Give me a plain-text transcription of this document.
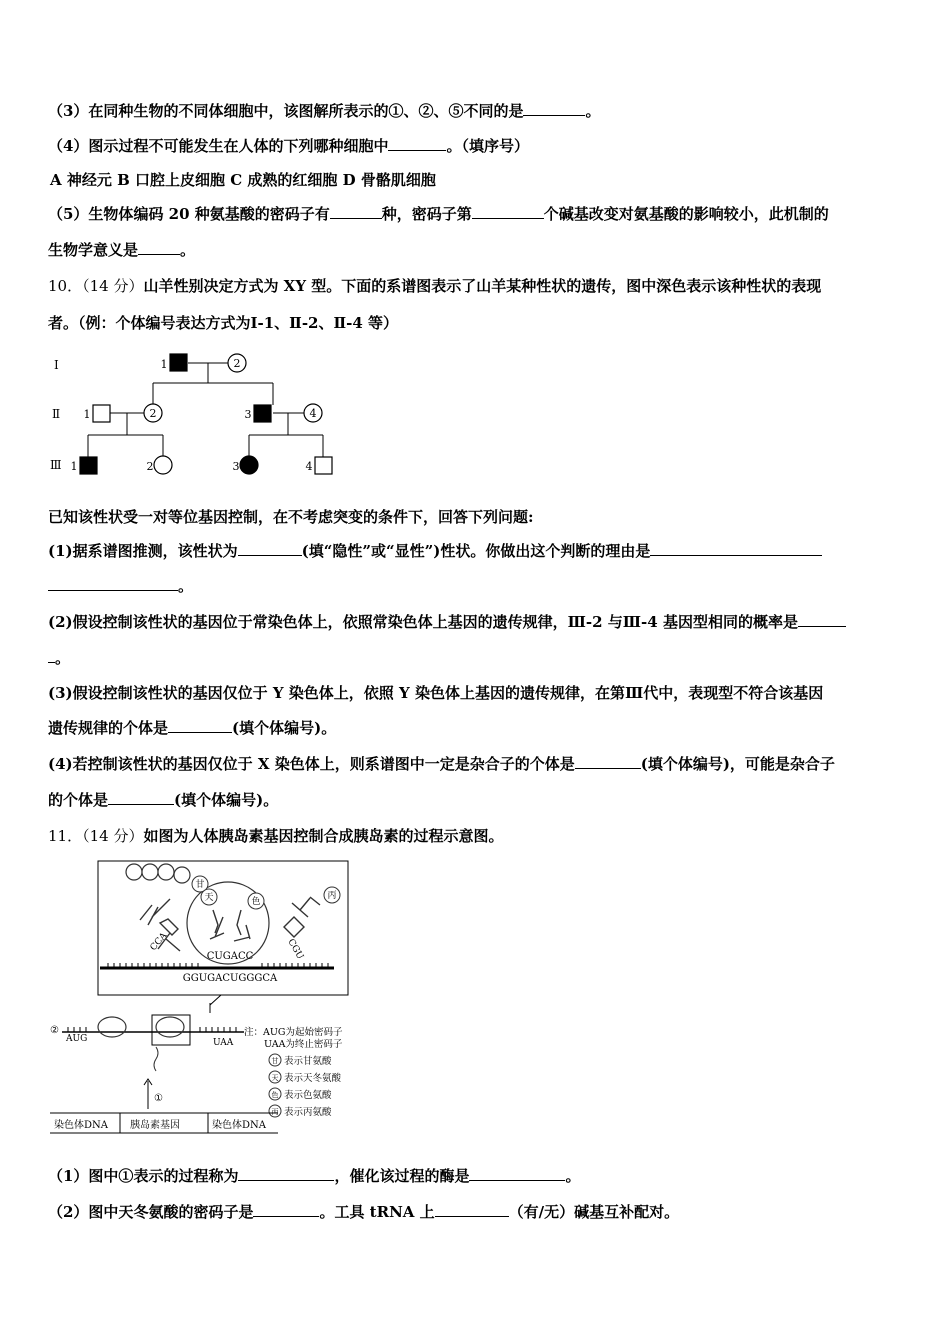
（3）在同种生物的不同体细胞中，该图解所表示的①、②、⑤不同的是	。
（4）图示过程不可能发生在人体的下列哪种细胞中	。（填序号）
A 神经元 B 口腔上皮细胞 C 成熟的红细胞 D 骨骼肌细胞
（5）生物体编码 20 种氨基酸的密码子有	种，密码子第	个碱基改变对氨基酸的影响较小，此机制的
生物学意义是	。
10．（14 分）山羊性别决定方式为 XY 型。下面的系谱图表示了山羊某种性状的遗传，图中深色表示该种性状的表现
者。（例：个体编号表达方式为Ⅰ-1、Ⅱ-2、Ⅱ-4 等）
Ⅰ
Ⅱ
Ⅲ
1	2
1	2	3	4
1	2	3	4
已知该性状受一对等位基因控制，在不考虑突变的条件下，回答下列问题:
(1)据系谱图推测，该性状为	(填“隐性”或“显性”)性状。你做出这个判断的理由是
。
(2)假设控制该性状的基因位于常染色体上，依照常染色体上基因的遗传规律，Ⅲ-2 与Ⅲ-4 基因型相同的概率是
。
(3)假设控制该性状的基因仅位于 Y 染色体上，依照 Y 染色体上基因的遗传规律，在第Ⅲ代中，表现型不符合该基因
遗传规律的个体是	(填个体编号)。
(4)若控制该性状的基因仅位于 X 染色体上，则系谱图中一定是杂合子的个体是	(填个体编号)，可能是杂合子
的个体是	(填个体编号)。
11．（14 分）如图为人体胰岛素基因控制合成胰岛素的过程示意图。
甘
天	色
丙
CCA	CGU
CUGACC
GGUGACUGGGCA
注：AUG为起始密码子
UAA为终止密码子
甘 表示甘氨酸
天 表示天冬氨酸
色 表示色氨酸
丙 表示丙氨酸
②
AUG	UAA
①
染色体DNA 胰岛素基因	染色体DNA
（1）图中①表示的过程称为	，催化该过程的酶是	。
（2）图中天冬氨酸的密码子是	。工具 tRNA 上	（有/无）碱基互补配对。
